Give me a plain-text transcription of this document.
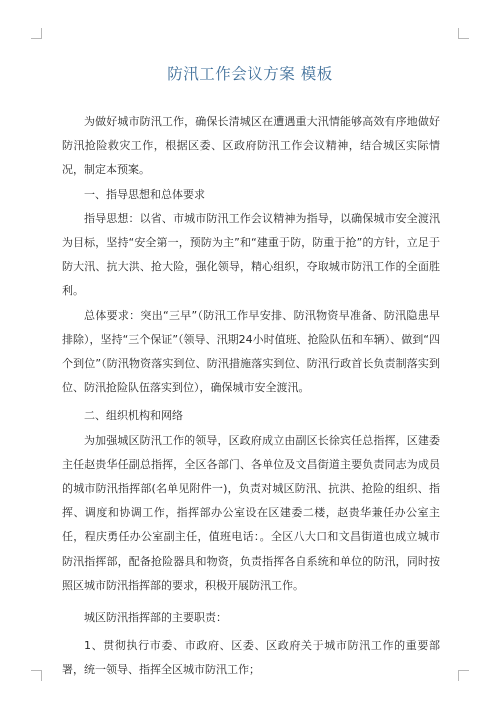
防汛工作会议方案 模板

为做好城市防汛工作，确保长清城区在遭遇重大汛情能够高效有序地做好防汛抢险救灾工作，根据区委、区政府防汛工作会议精神，结合城区实际情况，制定本预案。

一、指导思想和总体要求

指导思想：以省、市城市防汛工作会议精神为指导，以确保城市安全渡汛为目标，坚持“安全第一，预防为主”和“建重于防，防重于抢”的方针，立足于防大汛、抗大洪、抢大险，强化领导，精心组织，夺取城市防汛工作的全面胜利。

总体要求：突出“三早”（防汛工作早安排、防汛物资早准备、防汛隐患早排除），坚持“三个保证”（领导、汛期24小时值班、抢险队伍和车辆）、做到“四个到位”（防汛物资落实到位、防汛措施落实到位、防汛行政首长负责制落实到位、防汛抢险队伍落实到位），确保城市安全渡汛。

二、组织机构和网络

为加强城区防汛工作的领导，区政府成立由副区长徐宾任总指挥，区建委主任赵贵华任副总指挥，全区各部门、各单位及文昌街道主要负责同志为成员的城市防汛指挥部(名单见附件一)，负责对城区防汛、抗洪、抢险的组织、指挥、调度和协调工作，指挥部办公室设在区建委二楼，赵贵华兼任办公室主任，程庆勇任办公室副主任，值班电话：。全区八大口和文昌街道也成立城市防汛指挥部，配备抢险器具和物资，负责指挥各自系统和单位的防汛，同时按照区城市防汛指挥部的要求，积极开展防汛工作。

城区防汛指挥部的主要职责：

1、贯彻执行市委、市政府、区委、区政府关于城市防汛工作的重要部署，统一领导、指挥全区城市防汛工作；
